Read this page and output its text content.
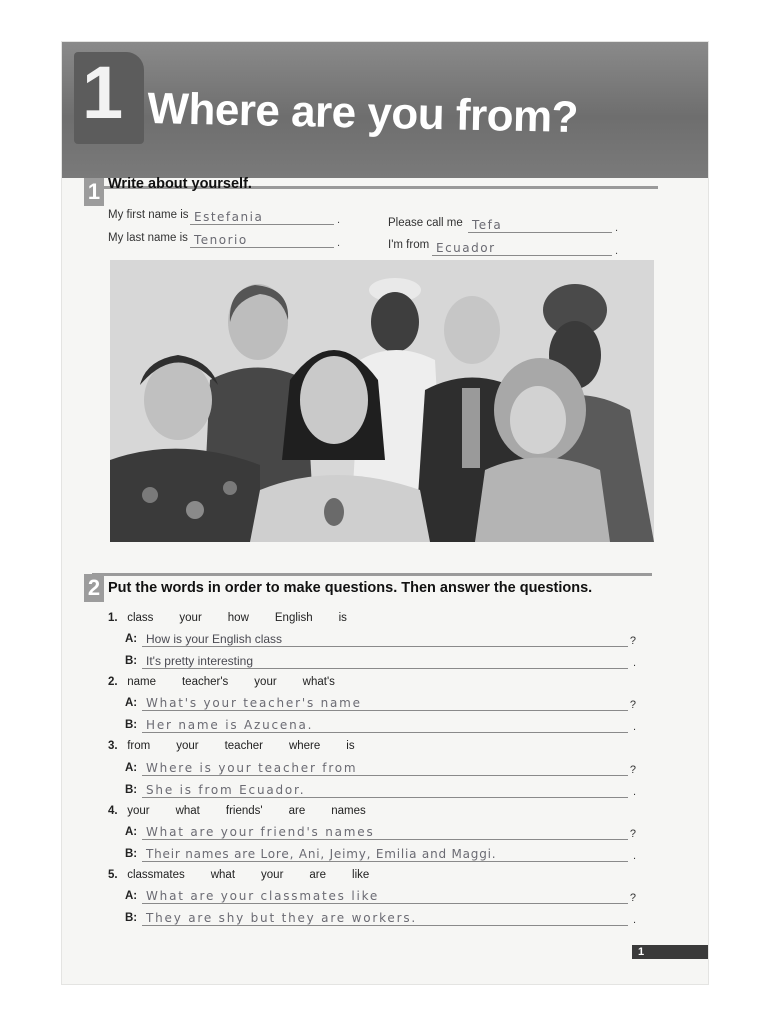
1 Where are you from?
1 Write about yourself.
My first name is Estefania	.
My last name is Tenorio	.
Please call me Tefa	.
I'm from Ecuador	.
2 Put the words in order to make questions. Then answer the questions.
1. class your how English is
A: How is your English class	?
B: It's pretty interesting	.
2. name teacher's your what's
A: What's your teacher's name	?
B: Her name is Azucena.	.
3. from your teacher where is
A: Where is your teacher from	?
B: She is from Ecuador.	.
4. your what friends' are names
A: What are your friend's names	?
B: Their names are Lore, Ani, Jeimy, Emilia and Maggi.	.
5. classmates what your are like
A: What are your classmates like	?
B: They are shy but they are workers.	.
1
